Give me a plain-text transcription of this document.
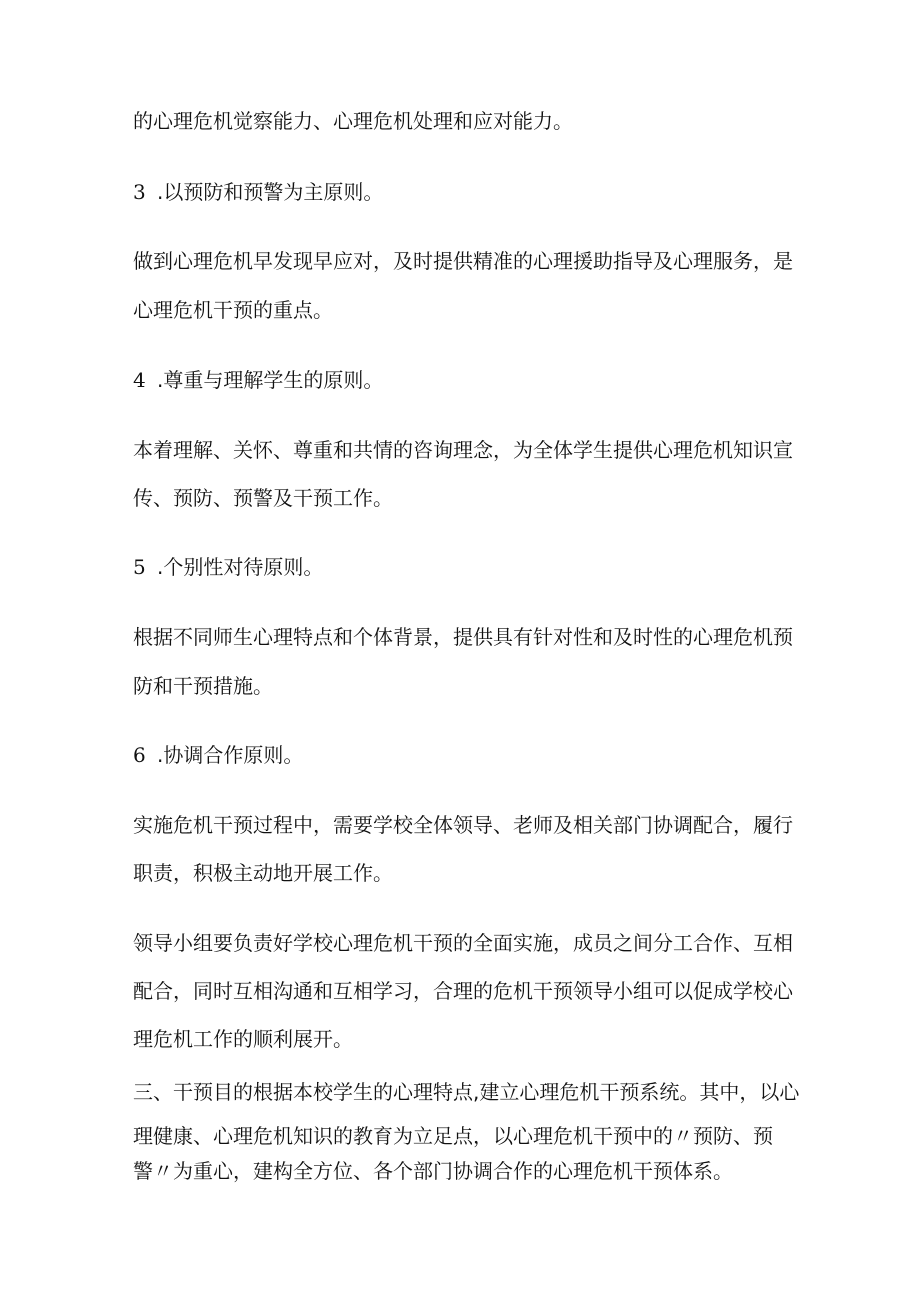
的心理危机觉察能力、心理危机处理和应对能力。
3 .以预防和预警为主原则。
做到心理危机早发现早应对，及时提供精准的心理援助指导及心理服务，是
心理危机干预的重点。
4 .尊重与理解学生的原则。
本着理解、关怀、尊重和共情的咨询理念，为全体学生提供心理危机知识宣
传、预防、预警及干预工作。
5 .个别性对待原则。
根据不同师生心理特点和个体背景，提供具有针对性和及时性的心理危机预
防和干预措施。
6 .协调合作原则。
实施危机干预过程中，需要学校全体领导、老师及相关部门协调配合，履行
职责，积极主动地开展工作。
领导小组要负责好学校心理危机干预的全面实施，成员之间分工合作、互相
配合，同时互相沟通和互相学习，合理的危机干预领导小组可以促成学校心
理危机工作的顺利展开。
三、干预目的根据本校学生的心理特点,建立心理危机干预系统。其中，以心
理健康、心理危机知识的教育为立足点，以心理危机干预中的〃预防、预
警〃为重心，建构全方位、各个部门协调合作的心理危机干预体系。
